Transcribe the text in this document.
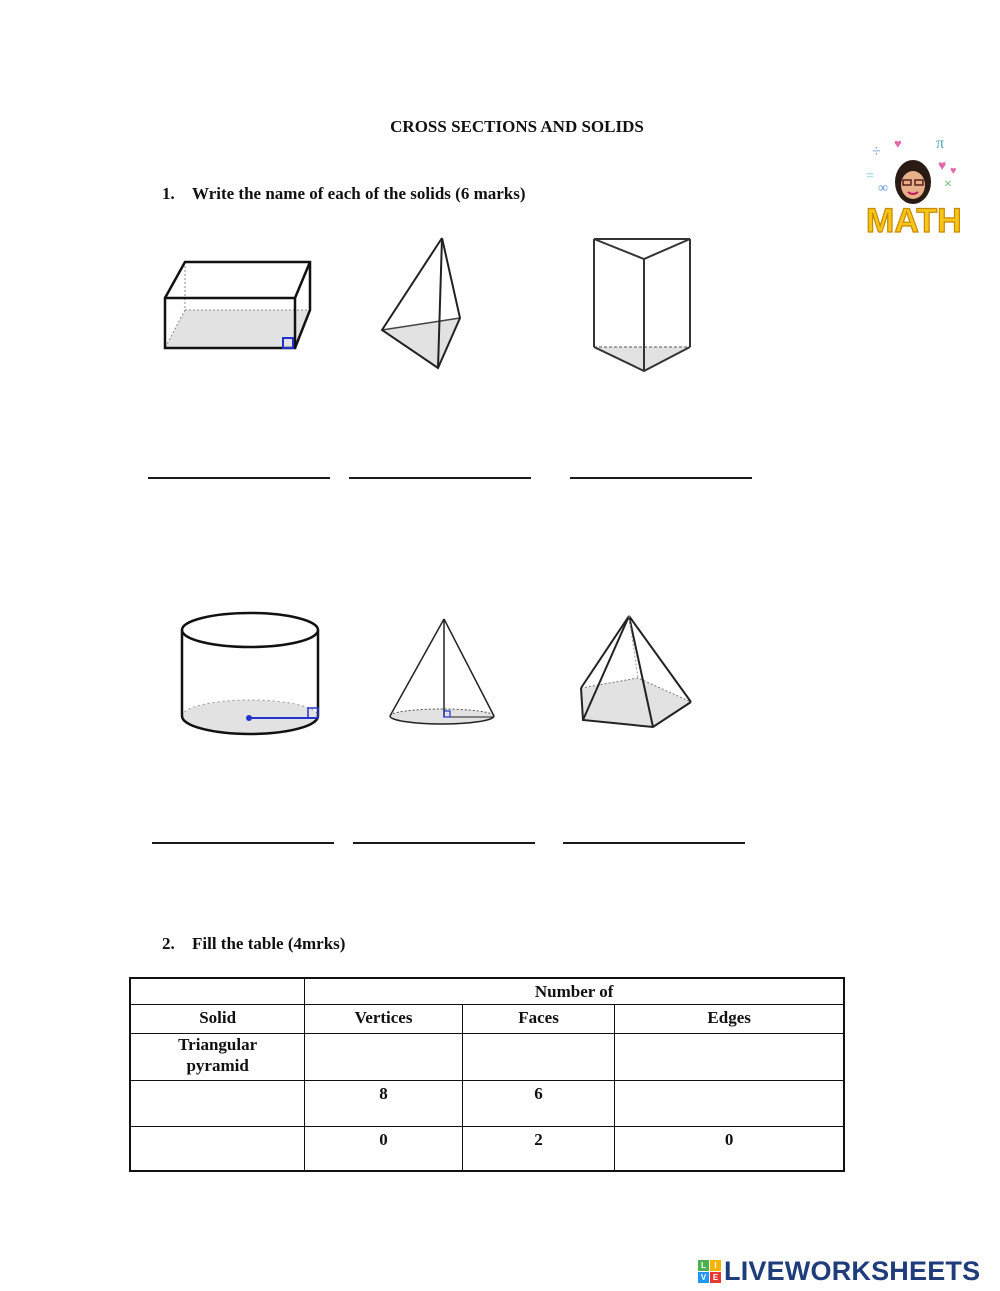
CROSS SECTIONS AND SOLIDS
1. Write the name of each of the solids (6 marks)
÷ ♥ π
=
∞
♥
×
♥
MATH
2. Fill the table (4mrks)
	Number of		
Solid	Vertices	Faces	Edges
Triangular pyramid			
	8	6	
	0	2	0
L	I
V E LIVEWORKSHEETS
